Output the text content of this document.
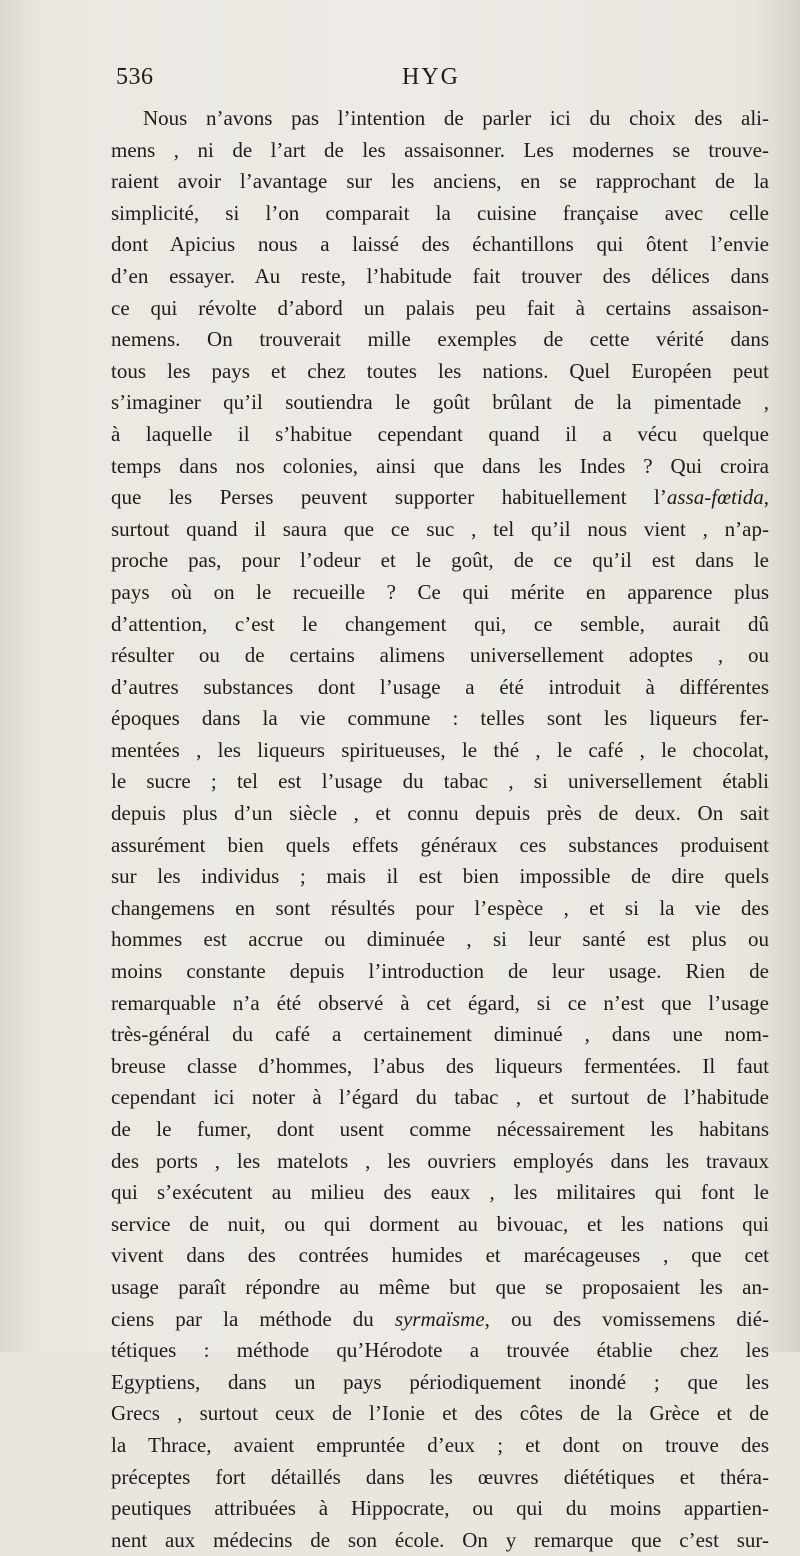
536	HYG
Nous n’avons pas l’intention de parler ici du choix des ali-
mens , ni de l’art de les assaisonner. Les modernes se trouve-
raient avoir l’avantage sur les anciens, en se rapprochant de la
simplicité, si l’on comparait la cuisine française avec celle
dont Apicius nous a laissé des échantillons qui ôtent l’envie
d’en essayer. Au reste, l’habitude fait trouver des délices dans
ce qui révolte d’abord un palais peu fait à certains assaison-
nemens. On trouverait mille exemples de cette vérité dans
tous les pays et chez toutes les nations. Quel Européen peut
s’imaginer qu’il soutiendra le goût brûlant de la pimentade ,
à laquelle il s’habitue cependant quand il a vécu quelque
temps dans nos colonies, ainsi que dans les Indes ? Qui croira
que les Perses peuvent supporter habituellement l’assa-fœtida,
surtout quand il saura que ce suc , tel qu’il nous vient , n’ap-
proche pas, pour l’odeur et le goût, de ce qu’il est dans le
pays où on le recueille ? Ce qui mérite en apparence plus
d’attention, c’est le changement qui, ce semble, aurait dû
résulter ou de certains alimens universellement adoptes , ou
d’autres substances dont l’usage a été introduit à différentes
époques dans la vie commune : telles sont les liqueurs fer-
mentées , les liqueurs spiritueuses, le thé , le café , le chocolat,
le sucre ; tel est l’usage du tabac , si universellement établi
depuis plus d’un siècle , et connu depuis près de deux. On sait
assurément bien quels effets généraux ces substances produisent
sur les individus ; mais il est bien impossible de dire quels
changemens en sont résultés pour l’espèce , et si la vie des
hommes est accrue ou diminuée , si leur santé est plus ou
moins constante depuis l’introduction de leur usage. Rien de
remarquable n’a été observé à cet égard, si ce n’est que l’usage
très-général du café a certainement diminué , dans une nom-
breuse classe d’hommes, l’abus des liqueurs fermentées. Il faut
cependant ici noter à l’égard du tabac , et surtout de l’habitude
de le fumer, dont usent comme nécessairement les habitans
des ports , les matelots , les ouvriers employés dans les travaux
qui s’exécutent au milieu des eaux , les militaires qui font le
service de nuit, ou qui dorment au bivouac, et les nations qui
vivent dans des contrées humides et marécageuses , que cet
usage paraît répondre au même but que se proposaient les an-
ciens par la méthode du syrmaïsme, ou des vomissemens dié-
tétiques : méthode qu’Hérodote a trouvée établie chez les
Egyptiens, dans un pays périodiquement inondé ; que les
Grecs , surtout ceux de l’Ionie et des côtes de la Grèce et de
la Thrace, avaient empruntée d’eux ; et dont on trouve des
préceptes fort détaillés dans les œuvres diététiques et théra-
peutiques attribuées à Hippocrate, ou qui du moins appartien-
nent aux médecins de son école. On y remarque que c’est sur-
